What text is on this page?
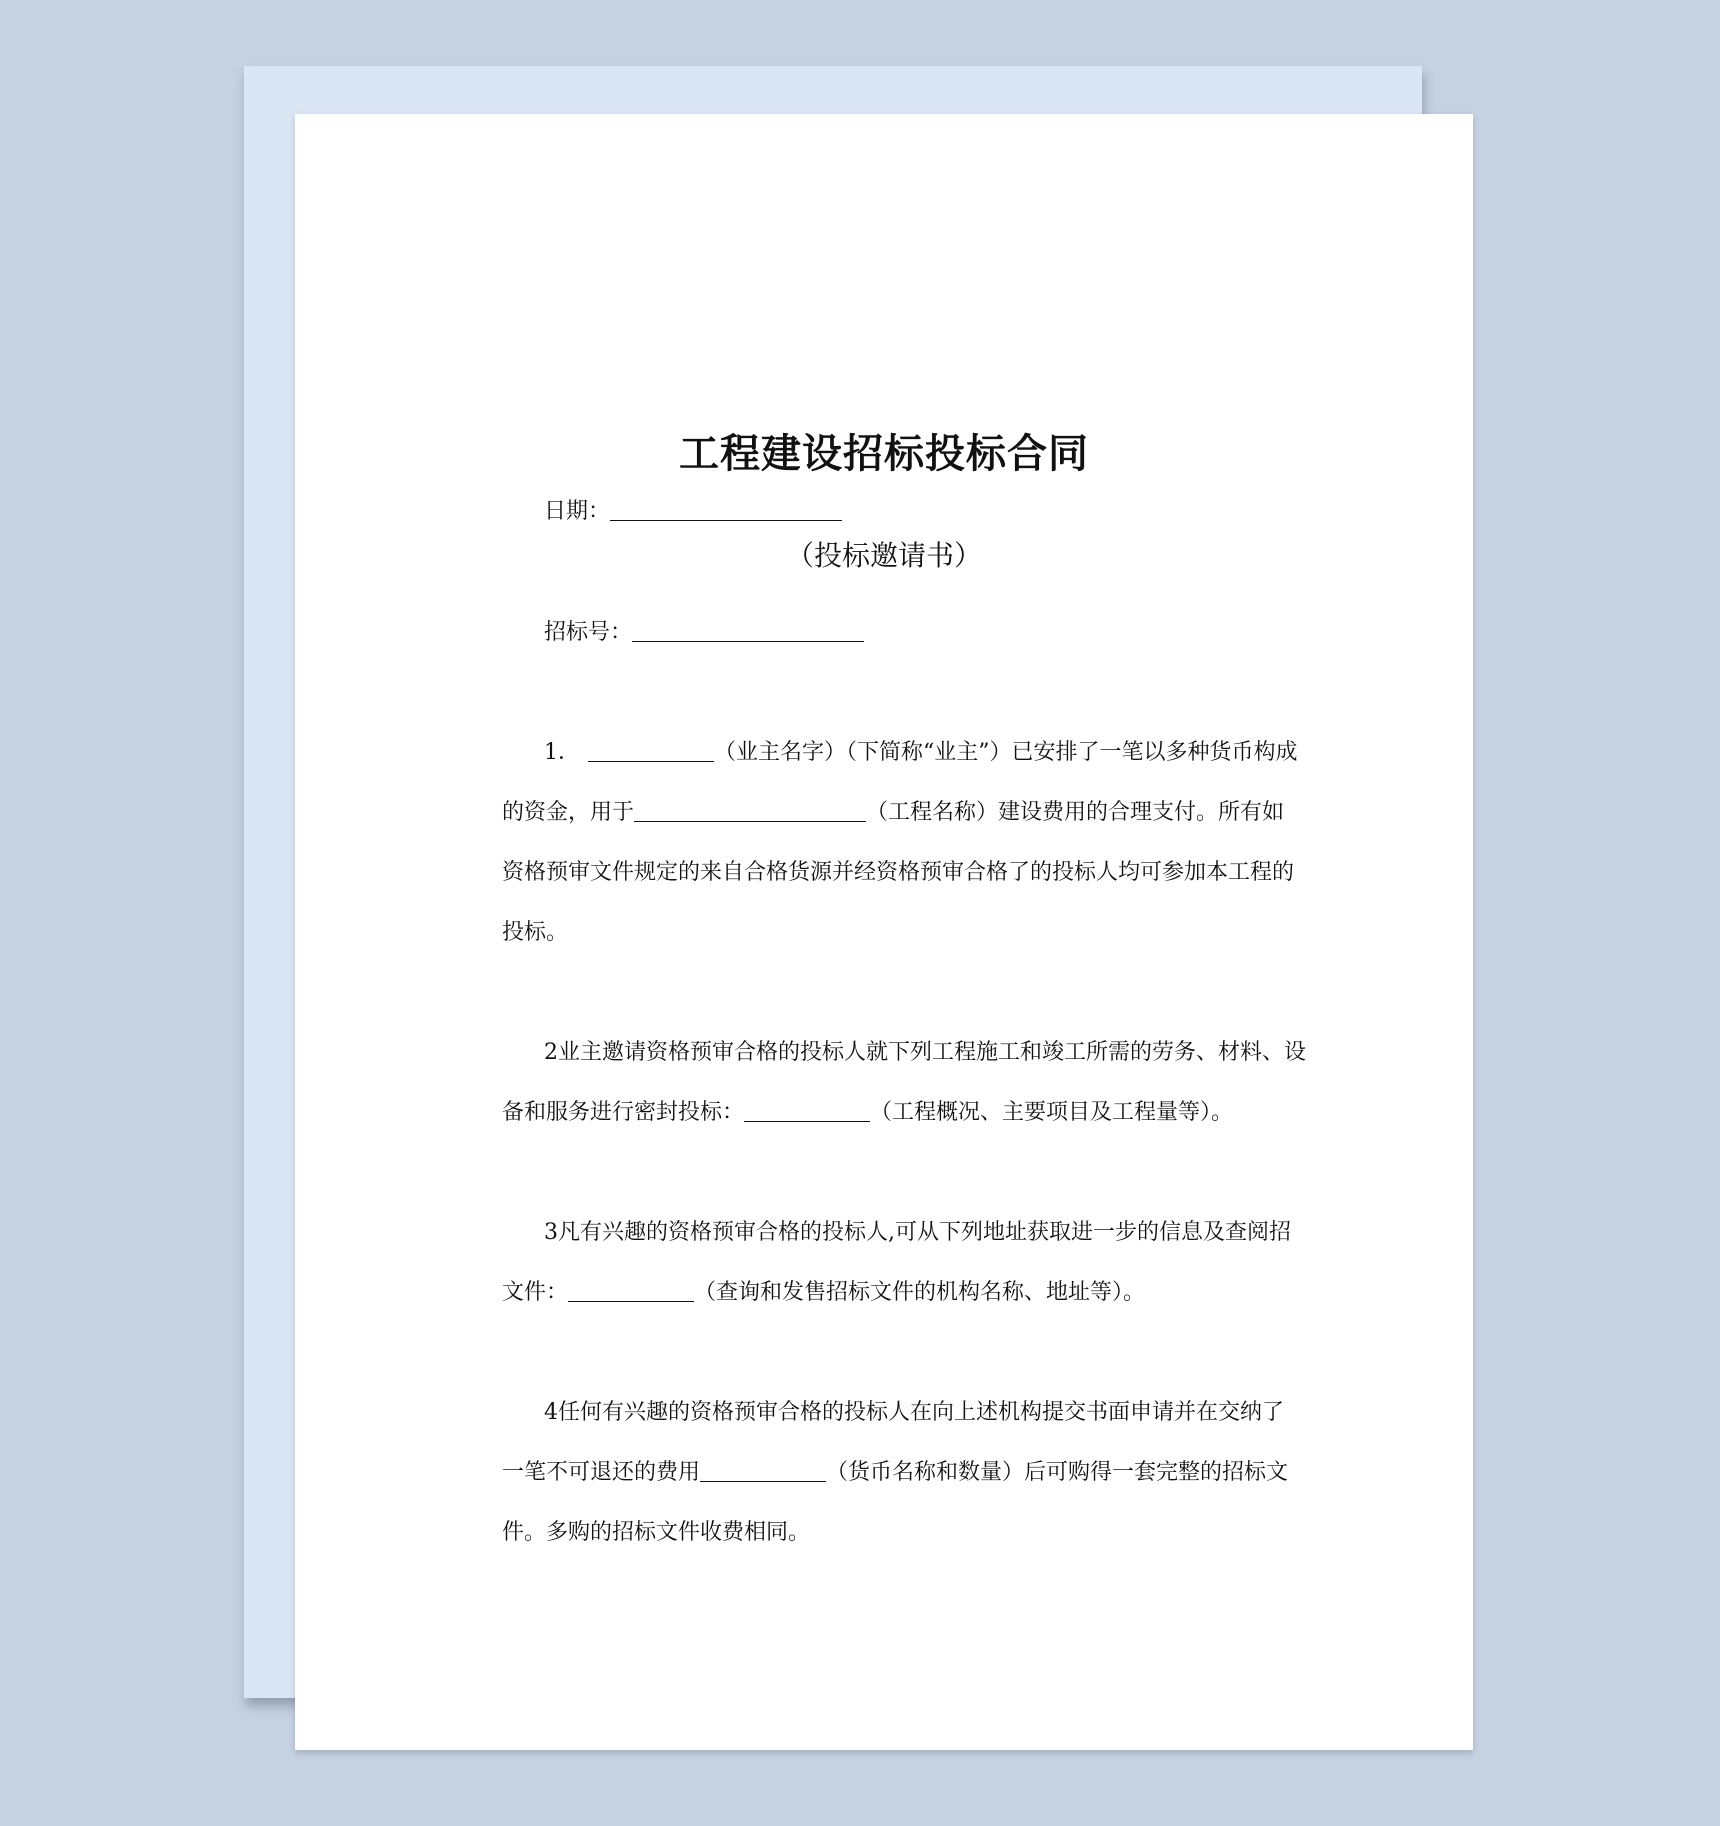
工程建设招标投标合同
（投标邀请书）
日期：
招标号：
1．	（业主名字）（下简称“业主”）已安排了一笔以多种货币构成
的资金，用于	（工程名称）建设费用的合理支付。所有如
资格预审文件规定的来自合格货源并经资格预审合格了的投标人均可参加本工程的
投标。
2业主邀请资格预审合格的投标人就下列工程施工和竣工所需的劳务、材料、设
备和服务进行密封投标：	（工程概况、主要项目及工程量等）。
3凡有兴趣的资格预审合格的投标人,可从下列地址获取进一步的信息及查阅招
文件：	（查询和发售招标文件的机构名称、地址等）。
4任何有兴趣的资格预审合格的投标人在向上述机构提交书面申请并在交纳了
一笔不可退还的费用	（货币名称和数量）后可购得一套完整的招标文
件。多购的招标文件收费相同。
